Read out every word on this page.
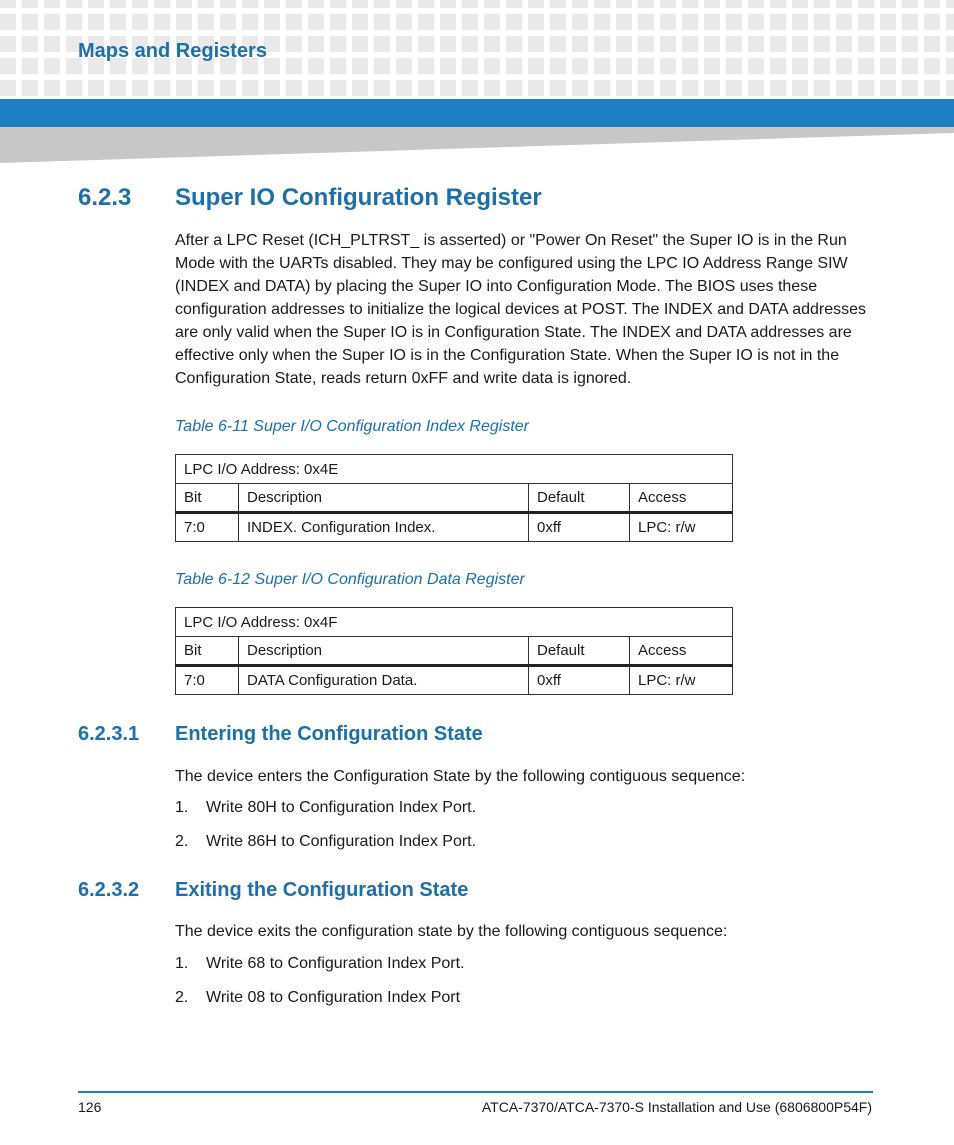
Maps and Registers
6.2.3 Super IO Configuration Register

After a LPC Reset (ICH_PLTRST_ is asserted) or "Power On Reset" the Super IO is in the Run Mode with the UARTs disabled. They may be configured using the LPC IO Address Range SIW (INDEX and DATA) by placing the Super IO into Configuration Mode. The BIOS uses these configuration addresses to initialize the logical devices at POST. The INDEX and DATA addresses are only valid when the Super IO is in Configuration State. The INDEX and DATA addresses are effective only when the Super IO is in the Configuration State. When the Super IO is not in the Configuration State, reads return 0xFF and write data is ignored.

Table 6-11 Super I/O Configuration Index Register

LPC I/O Address: 0x4E			
Bit	Description	Default	Access
7:0	INDEX. Configuration Index.	0xff	LPC: r/w

Table 6-12 Super I/O Configuration Data Register

LPC I/O Address: 0x4F			
Bit	Description	Default	Access
7:0	DATA Configuration Data.	0xff	LPC: r/w
6.2.3.1 Entering the Configuration State

The device enters the Configuration State by the following contiguous sequence:

1. Write 80H to Configuration Index Port.
2. Write 86H to Configuration Index Port.
6.2.3.2 Exiting the Configuration State

The device exits the configuration state by the following contiguous sequence:

1. Write 68 to Configuration Index Port.
2. Write 08 to Configuration Index Port
126	ATCA-7370/ATCA-7370-S Installation and Use (6806800P54F)
